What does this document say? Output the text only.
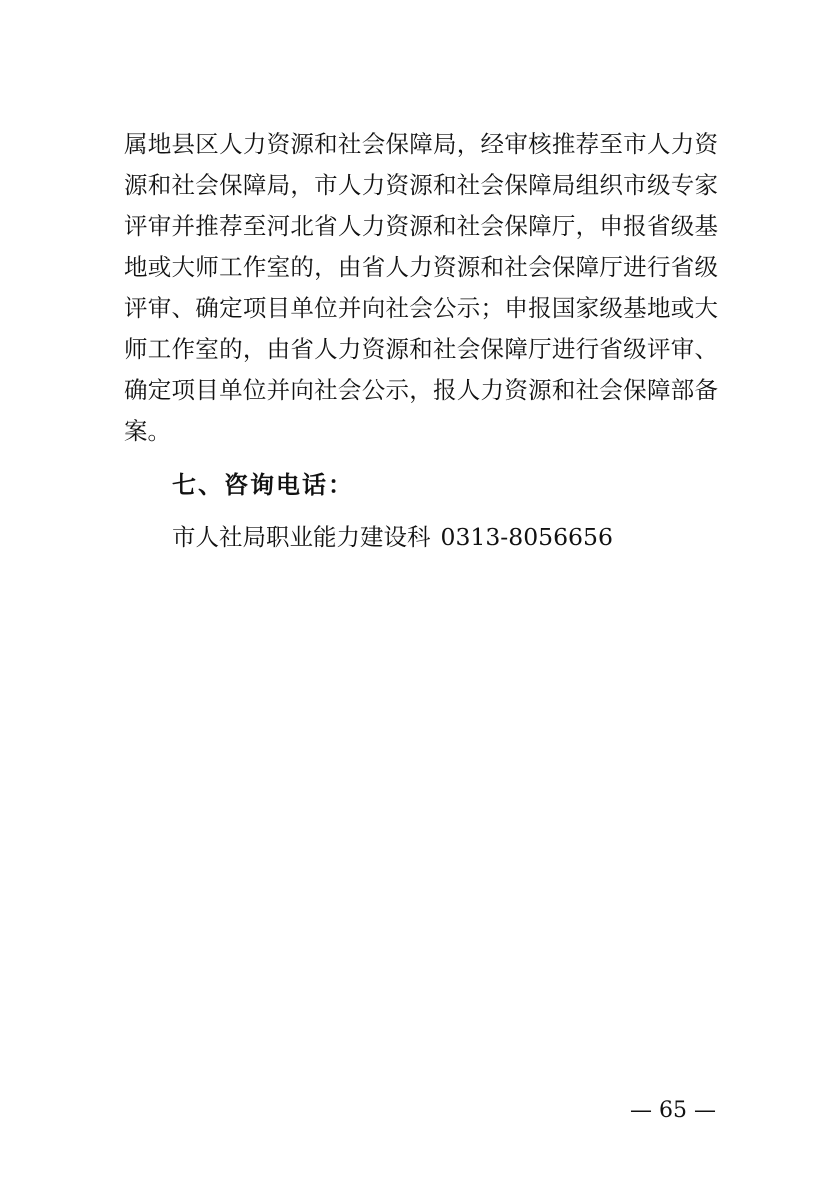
属地县区人力资源和社会保障局，经审核推荐至市人力资
源和社会保障局，市人力资源和社会保障局组织市级专家
评审并推荐至河北省人力资源和社会保障厅，申报省级基
地或大师工作室的，由省人力资源和社会保障厅进行省级
评审、确定项目单位并向社会公示；申报国家级基地或大
师工作室的，由省人力资源和社会保障厅进行省级评审、
确定项目单位并向社会公示，报人力资源和社会保障部备
案。
七、咨询电话：

市人社局职业能力建设科 0313-8056656

— 65 —
